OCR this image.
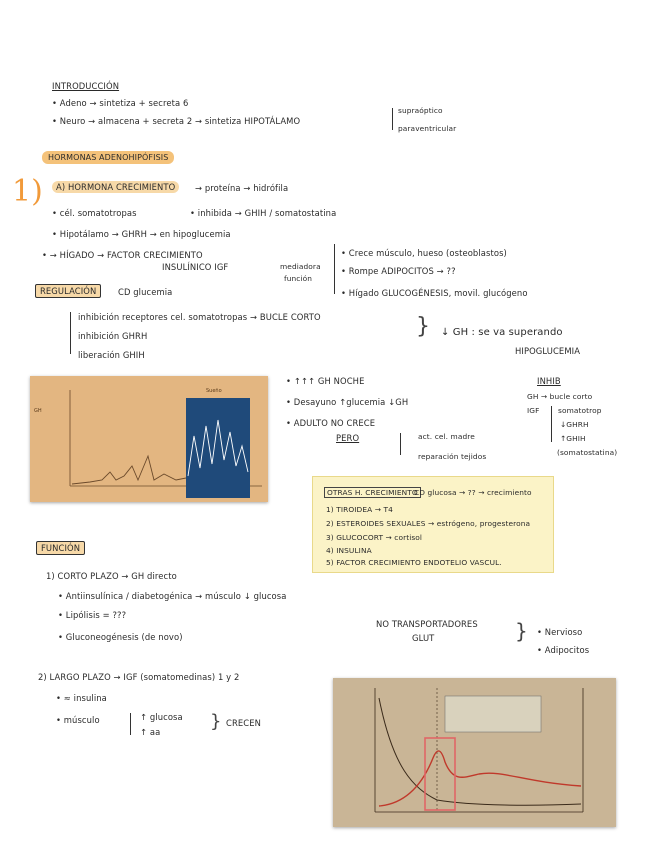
INTRODUCCIÓN
• Adeno → sintetiza + secreta 6
• Neuro → almacena + secreta 2 → sintetiza HIPOTÁLAMO
supraóptico
paraventricular
HORMONAS ADENOHIPÓFISIS
1)	A) HORMONA CRECIMIENTO	→ proteína → hidrófila
• cél. somatotropas	• inhibida → GHIH / somatostatina
• Hipotálamo → GHRH → en hipoglucemia
• → HÍGADO → FACTOR CRECIMIENTO
INSULÍNICO IGF	mediadora
función
• Crece músculo, hueso (osteoblastos)
• Rompe ADIPOCITOS → ??
• Hígado GLUCOGÉNESIS, movil. glucógeno
REGULACIÓN	CD glucemia
inhibición receptores cel. somatotropas → BUCLE CORTO
inhibición GHRH
liberación GHIH
} ↓ GH : se va superando
HIPOGLUCEMIA
GH
Sueño
• ↑↑↑ GH NOCHE
• Desayuno ↑glucemia ↓GH
• ADULTO NO CRECE
PERO	act. cel. madre
reparación tejidos
INHIB
GH → bucle corto
IGF	somatotrop
↓GHRH
↑GHIH
(somatostatina)
OTRAS H. CRECIMIENTO
CD glucosa → ?? → crecimiento
1) TIROIDEA → T4
2) ESTEROIDES SEXUALES → estrógeno, progesterona
3) GLUCOCORT → cortisol
4) INSULINA
5) FACTOR CRECIMIENTO ENDOTELIO VASCUL.
FUNCIÓN
1) CORTO PLAZO → GH directo
• Antiinsulínica / diabetogénica → músculo ↓ glucosa
• Lipólisis = ???
• Gluconeogénesis (de novo)
NO TRANSPORTADORES
GLUT	} • Nervioso
• Adipocitos
2) LARGO PLAZO → IGF (somatomedinas) 1 y 2
• ≈ insulina
• músculo	↑ glucosa
↑ aa	} CRECEN
